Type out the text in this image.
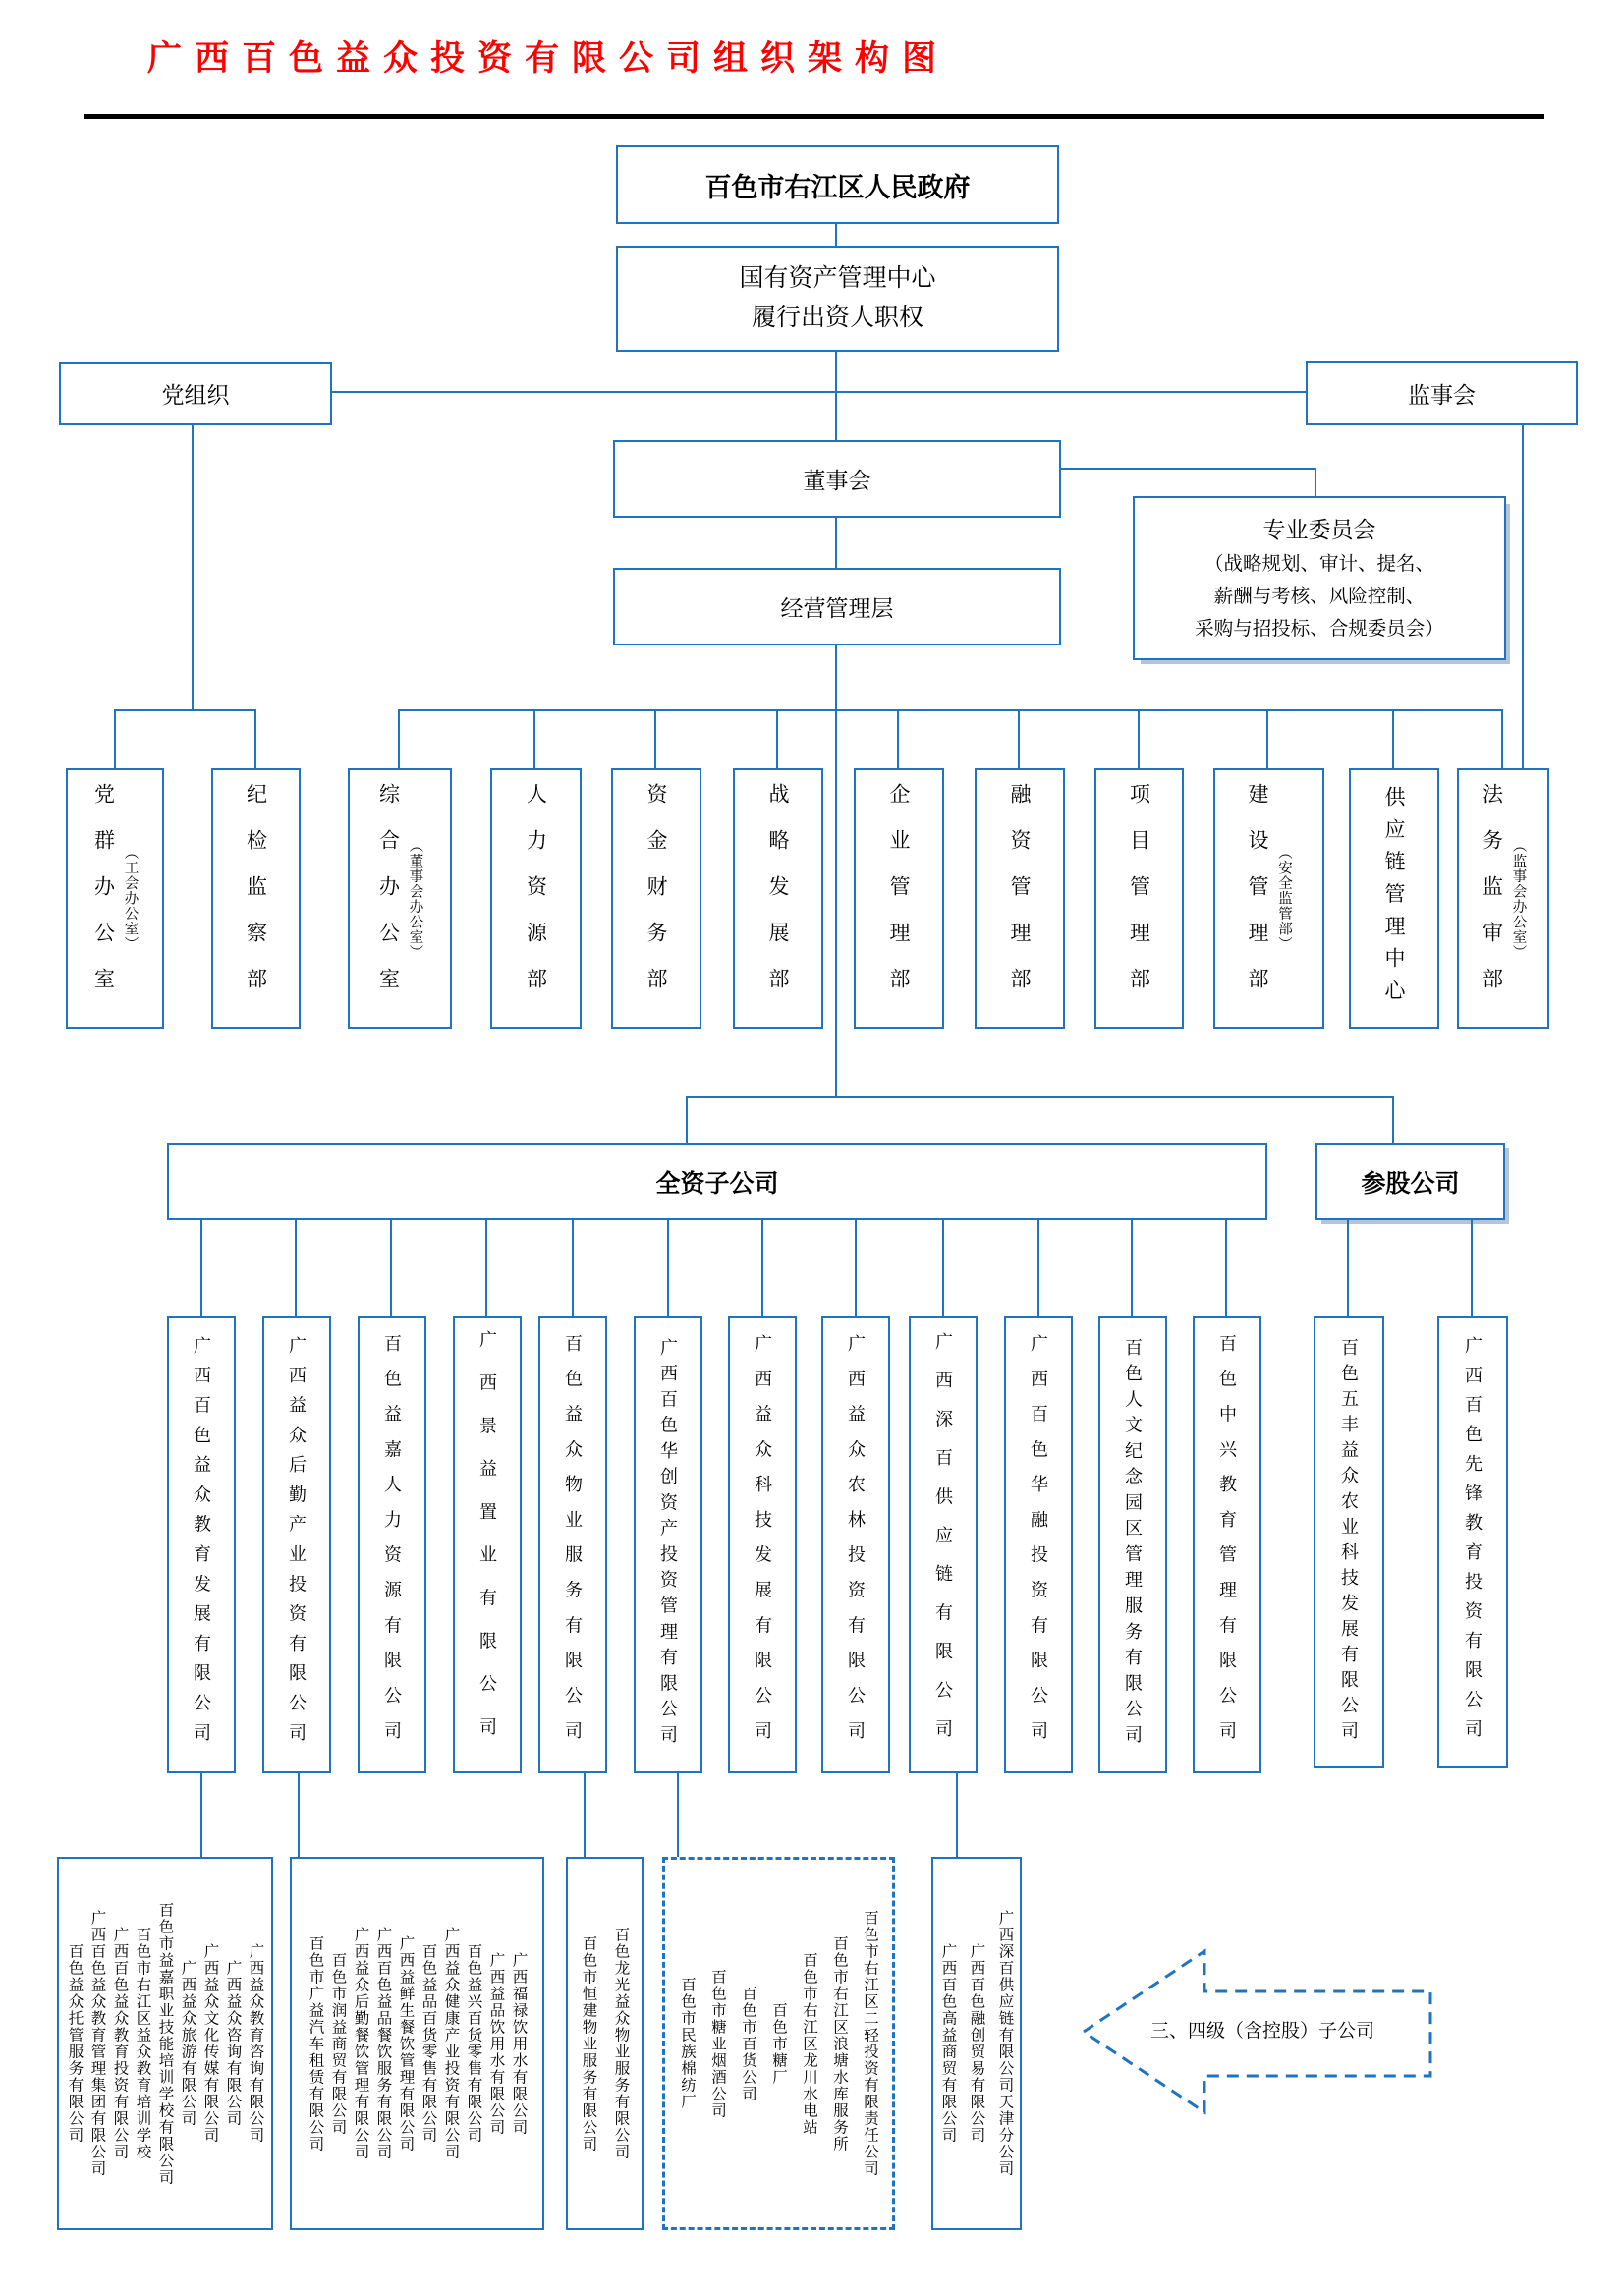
广西百色益众投资有限公司组织架构图
百色市右江区人民政府
国有资产管理中心
履行出资人职权
党组织	监事会
董事会
专业委员会
（战略规划、审计、提名、
薪酬与考核、风险控制、
采购与招投标、合规委员会）
经营管理层
全资子公司	参股公司
党群办公室 （工会办公室）	纪检监察部	综合办公室 （董事会办公室）	人力资源部	资金财务部	战略发展部	企业管理部	融资管理部	项目管理部	建设管理部 （安全监管部）	供应链管理中心	法务监审部 （监事会办公室）
广西百色益众教育发展有限公司	广西益众后勤产业投资有限公司	百色益嘉人力资源有限公司	广西景益置业有限公司	百色益众物业服务有限公司	广西百色华创资产投资管理有限公司	广西益众科技发展有限公司	广西益众农林投资有限公司	广西深百供应链有限公司	广西百色华融投资有限公司	百色人文纪念园区管理服务有限公司	百色中兴教育管理有限公司	百色五丰益众农业科技发展有限公司	广西百色先锋教育投资有限公司
广西益众教育咨询有限公司
广西益众咨询有限公司
广西益众文化传媒有限公司
广西益众旅游有限公司
百色市益嘉职业技能培训学校有限公司
百色市右江区益众教育培训学校
广西百色益众教育投资有限公司
广西百色益众教育管理集团有限公司
百色益众托管服务有限公司	广西福禄饮用水有限公司
广西益品饮用水有限公司
百色益兴百货零售有限公司
广西益众健康产业投资有限公司
百色益品百货零售有限公司
广西益鲜生餐饮管理有限公司
广西百色益品餐饮服务有限公司
广西益众后勤餐饮管理有限公司
百色市润益商贸有限公司
百色市广益汽车租赁有限公司	百色龙光益众物业服务有限公司
百色市恒建物业服务有限公司	百色市右江区二轻投资有限责任公司
百色市右江区浪塘水库服务所
百色市右江区龙川水电站
百色市糖厂
百色市百货公司
百色市糖业烟酒公司
百色市民族棉纺厂	广西深百供应链有限公司天津分公司
广西百色融创贸易有限公司
广西百色高益商贸有限公司	三、四级（含控股）子公司
